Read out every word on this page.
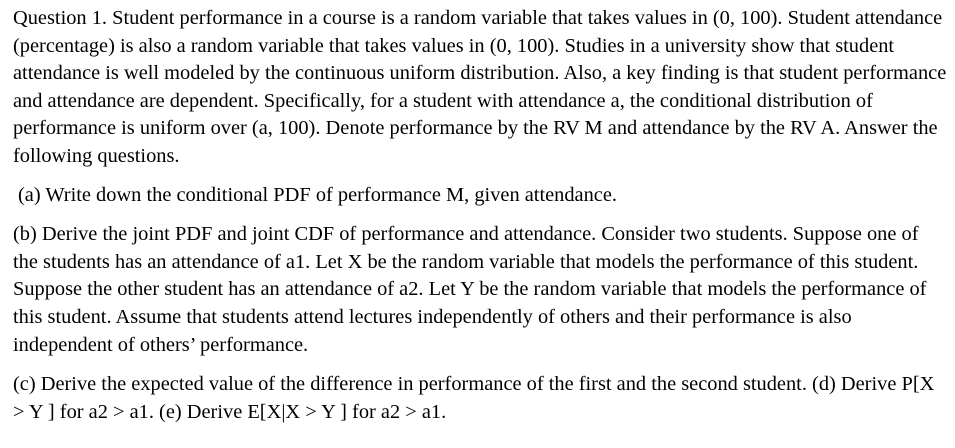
Question 1. Student performance in a course is a random variable that takes values in (0, 100). Student attendance (percentage) is also a random variable that takes values in (0, 100). Studies in a university show that student attendance is well modeled by the continuous uniform distribution. Also, a key finding is that student performance and attendance are dependent. Specifically, for a student with attendance a, the conditional distribution of performance is uniform over (a, 100). Denote performance by the RV M and attendance by the RV A. Answer the following questions.

(a) Write down the conditional PDF of performance M, given attendance.

(b) Derive the joint PDF and joint CDF of performance and attendance. Consider two students. Suppose one of the students has an attendance of a1. Let X be the random variable that models the performance of this student. Suppose the other student has an attendance of a2. Let Y be the random variable that models the performance of this student. Assume that students attend lectures independently of others and their performance is also independent of others’ performance.

(c) Derive the expected value of the difference in performance of the first and the second student. (d) Derive P[X > Y ] for a2 > a1. (e) Derive E[X|X > Y ] for a2 > a1.
